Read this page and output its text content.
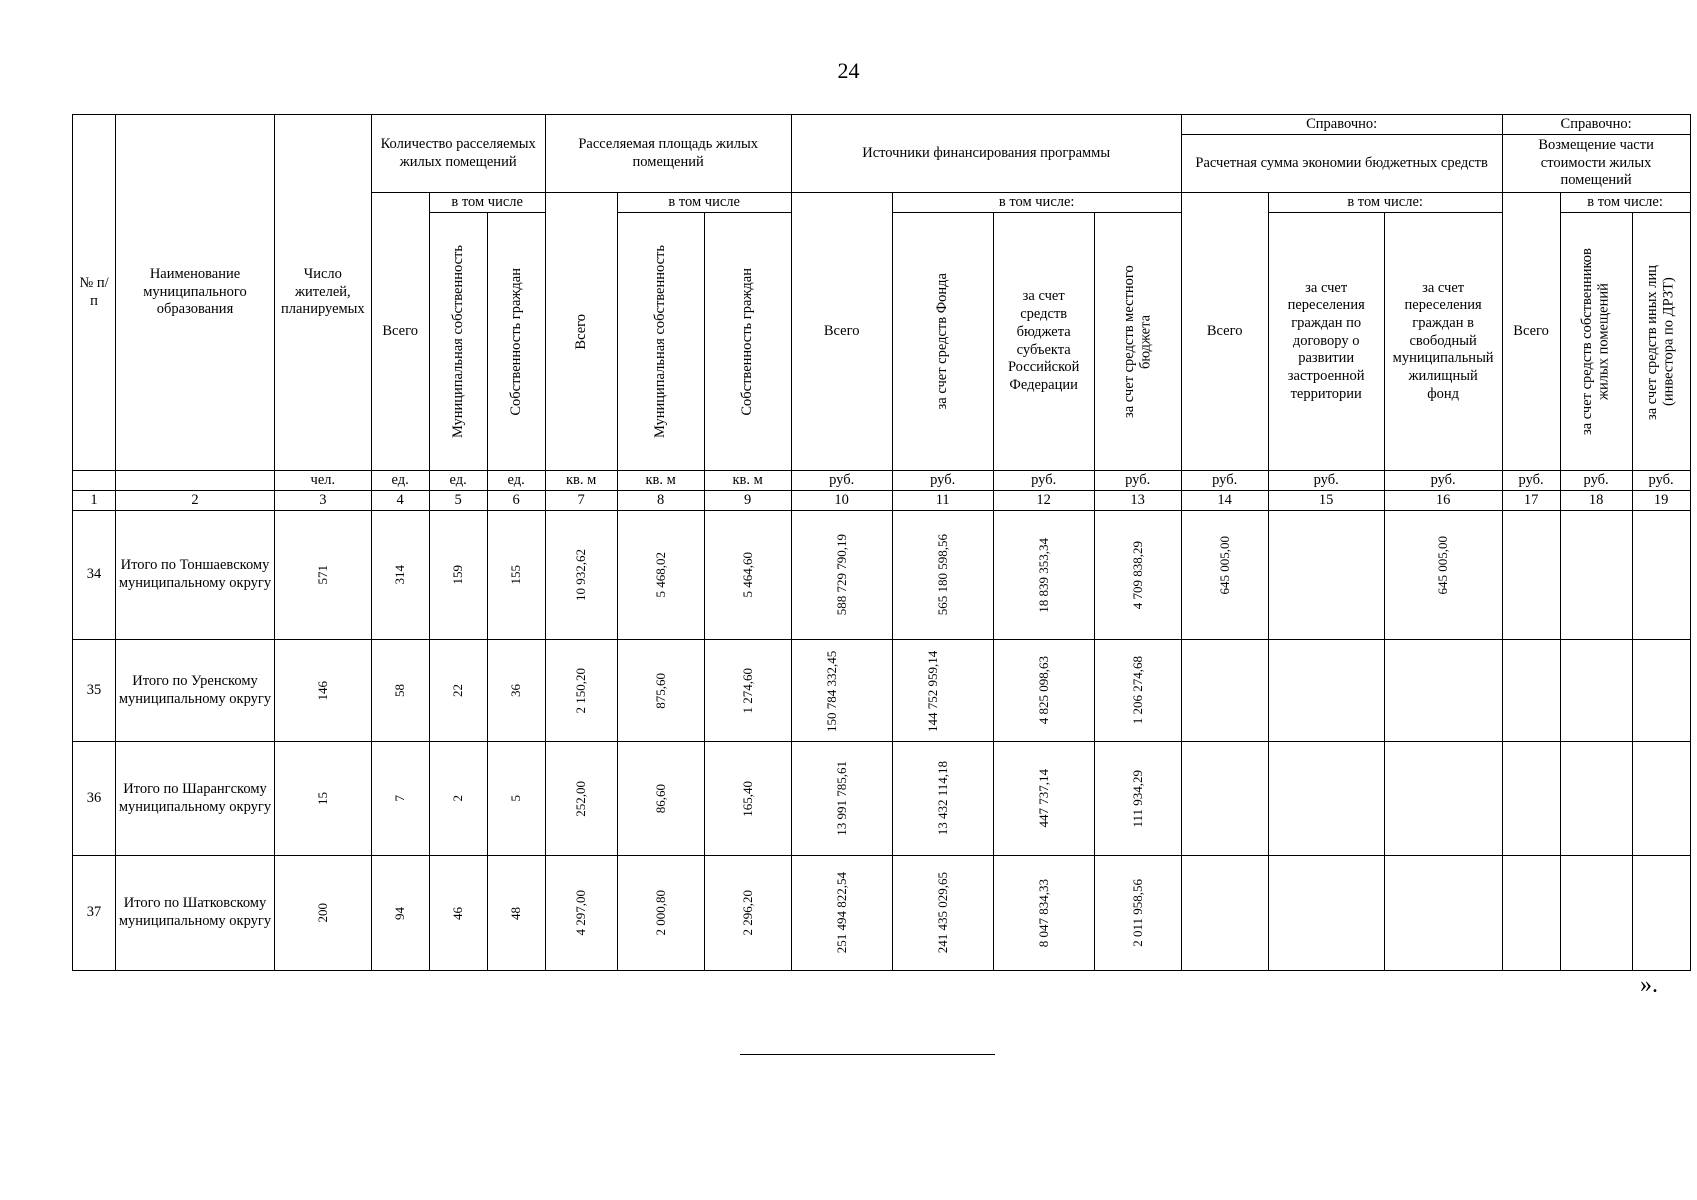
24
№ п/п	Наименование муниципального образования	Число жителей, планируемых	Количество расселяемых жилых помещений			Расселяемая площадь жилых помещений			Источники финансирования программы				Справочно:			Справочно:		
													Расчетная сумма экономии бюджетных средств			Возмещение части стоимости жилых помещений		
			Всего	в том числе		Всего	в том числе		Всего	в том числе:			Всего	в том числе:		Всего	в том числе:	

				Муниципальная собственность	Собственность граждан		Муниципальная собственность	Собственность граждан		за счет средств Фонда	за счет средств бюджета субъекта Российской Федерации	за счет средств местного бюджета		за счет переселения граждан по договору о развитии застроенной территории	за счет переселения граждан в свободный муниципальный жилищный фонд		за счет средств собственников жилых помещений	за счет средств иных лиц (инвестора по ДРЗТ)

		чел.	ед.	ед.	ед.	кв. м	кв. м	кв. м	руб.	руб.	руб.	руб.	руб.	руб.	руб.	руб.	руб.	руб.
1	2	3	4	5	6	7	8	9	10	11	12	13	14	15	16	17	18	19
34	Итого по Тоншаевскому муниципальному округу	571	314	159	155	10 932,62	5 468,02	5 464,60	588 729 790,19	565 180 598,56	18 839 353,34	4 709 838,29	645 005,00		645 005,00			

35	Итого по Уренскому муниципальному округу	146	58	22	36	2 150,20	875,60	1 274,60	150 784 332,45	144 752 959,14	4 825 098,63	1 206 274,68						

36	Итого по Шарангскому муниципальному округу	15	7	2	5	252,00	86,60	165,40	13 991 785,61	13 432 114,18	447 737,14	111 934,29						

37	Итого по Шатковскому муниципальному округу	200	94	46	48	4 297,00	2 000,80	2 296,20	251 494 822,54	241 435 029,65	8 047 834,33	2 011 958,56						

».
